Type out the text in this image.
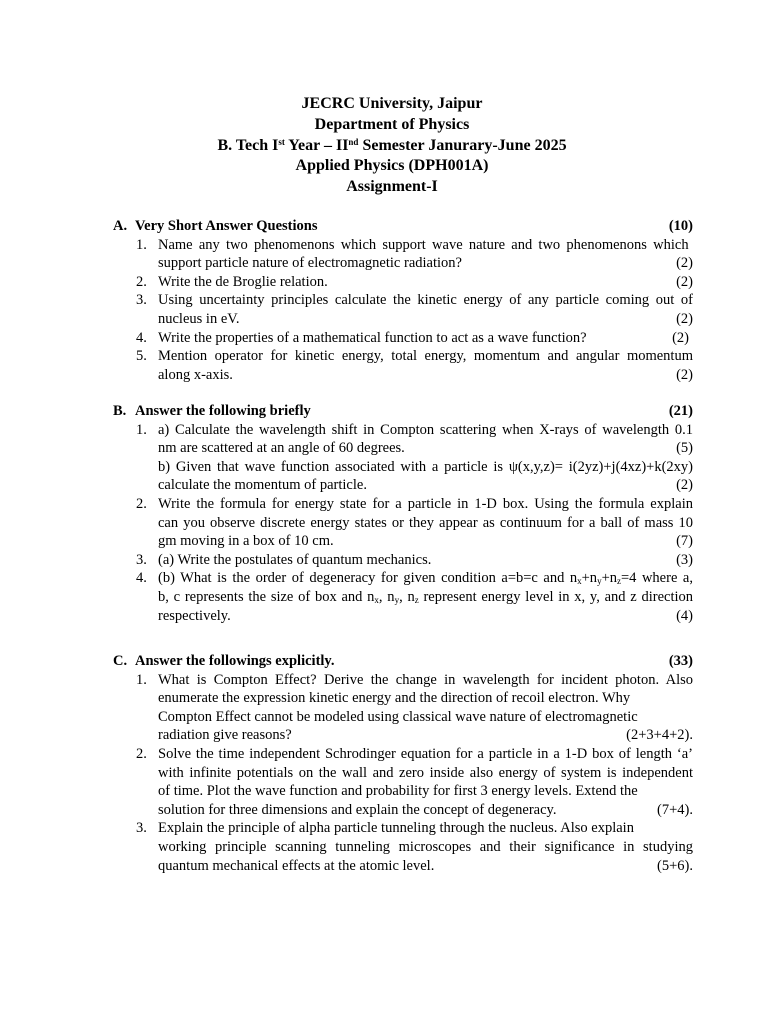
JECRC University, Jaipur
Department of Physics
B. Tech Ist Year – IInd Semester Janurary-June 2025
Applied Physics (DPH001A)
Assignment-I
A. Very Short Answer Questions	(10)
1. Name any two phenomenons which support wave nature and two phenomenons which
support particle nature of electromagnetic radiation?	(2)
2. Write the de Broglie relation.	(2)
3. Using uncertainty principles calculate the kinetic energy of any particle coming out of
nucleus in eV.	(2)
4. Write the properties of a mathematical function to act as a wave function?	(2)
5. Mention operator for kinetic energy, total energy, momentum and angular momentum
along x-axis.	(2)
B. Answer the following briefly	(21)
1. a) Calculate the wavelength shift in Compton scattering when X-rays of wavelength 0.1
nm are scattered at an angle of 60 degrees.	(5)
b) Given that wave function associated with a particle is ψ(x,y,z)= i(2yz)+j(4xz)+k(2xy)
calculate the momentum of particle.	(2)
2. Write the formula for energy state for a particle in 1-D box. Using the formula explain
can you observe discrete energy states or they appear as continuum for a ball of mass 10
gm moving in a box of 10 cm.	(7)
3. (a) Write the postulates of quantum mechanics.	(3)
4. (b) What is the order of degeneracy for given condition a=b=c and $n_x+n_y+n_z=4$ where a,
b, c represents the size of box and $n_x$, $n_y$, $n_z$ represent energy level in x, y, and z direction
respectively.	(4)
C. Answer the followings explicitly.	(33)
1. What is Compton Effect? Derive the change in wavelength for incident photon. Also
enumerate the expression kinetic energy and the direction of recoil electron. Why
Compton Effect cannot be modeled using classical wave nature of electromagnetic
radiation give reasons?	(2+3+4+2).
2. Solve the time independent Schrodinger equation for a particle in a 1-D box of length ‘a’
with infinite potentials on the wall and zero inside also energy of system is independent
of time. Plot the wave function and probability for first 3 energy levels. Extend the
solution for three dimensions and explain the concept of degeneracy.	(7+4).
3. Explain the principle of alpha particle tunneling through the nucleus. Also explain
working principle scanning tunneling microscopes and their significance in studying
quantum mechanical effects at the atomic level.	(5+6).
